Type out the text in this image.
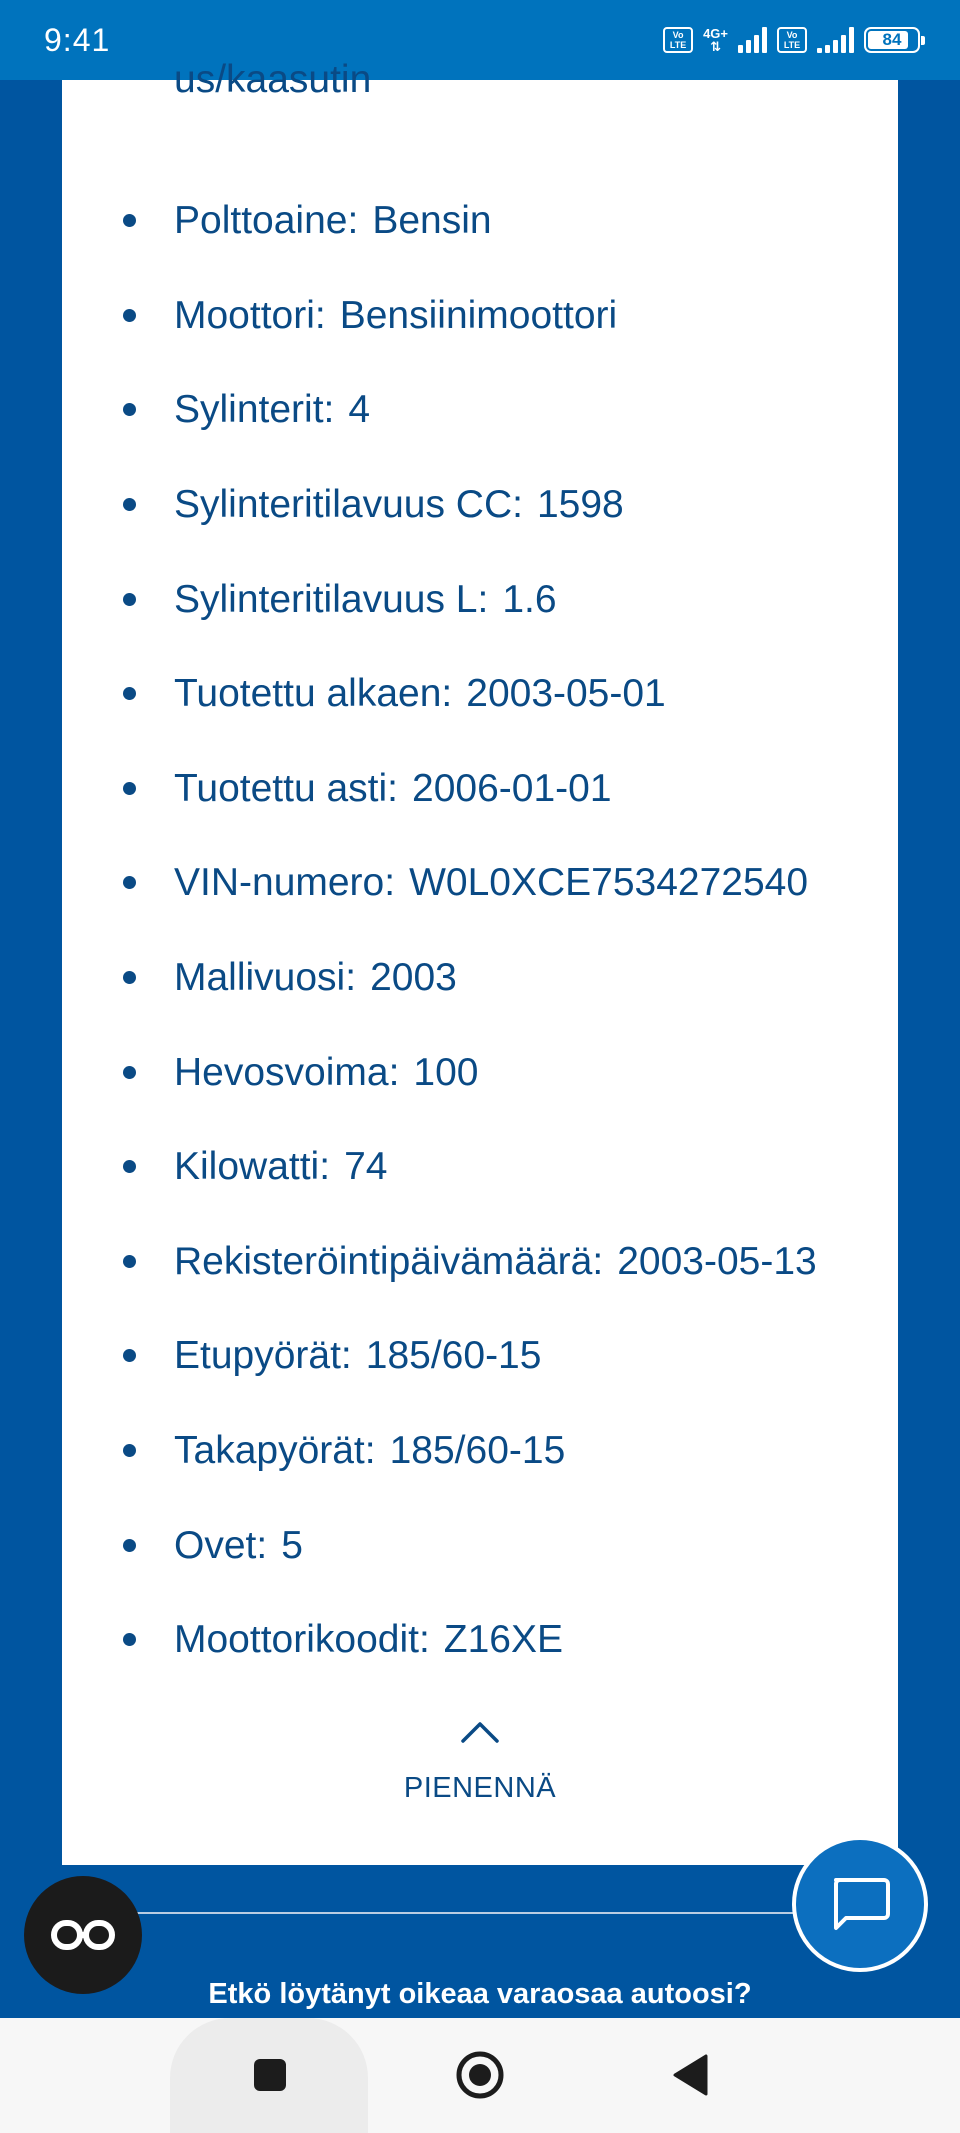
9:41	Vo
LTE
4G+
⇅
Vo
LTE	84
us/kaasutin
Polttoaine: Bensin
Moottori: Bensiinimoottori
Sylinterit: 4
Sylinteritilavuus CC: 1598
Sylinteritilavuus L: 1.6
Tuotettu alkaen: 2003-05-01
Tuotettu asti: 2006-01-01
VIN-numero: W0L0XCE7534272540
Mallivuosi: 2003
Hevosvoima: 100
Kilowatti: 74
Rekisteröintipäivämäärä: 2003-05-13
Etupyörät: 185/60-15
Takapyörät: 185/60-15
Ovet: 5
Moottorikoodit: Z16XE
PIENENNÄ
Etkö löytänyt oikeaa varaosaa autoosi?
